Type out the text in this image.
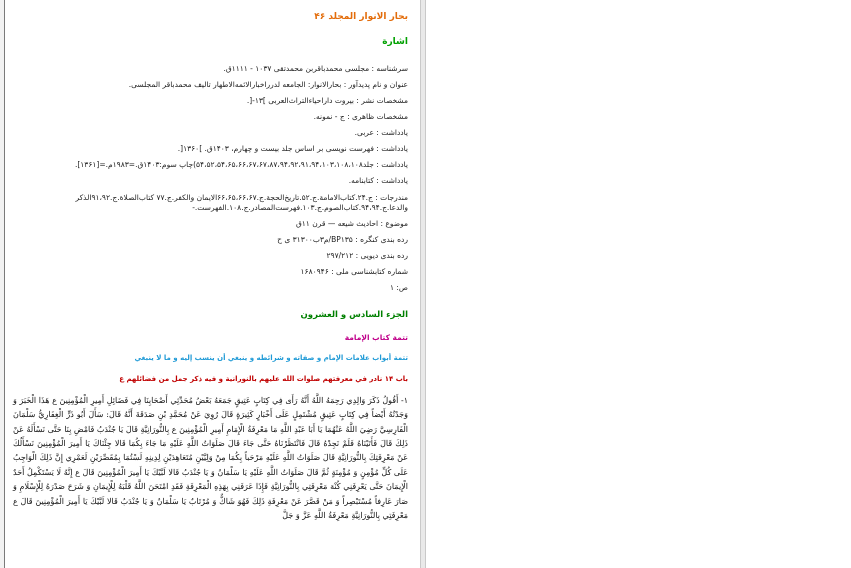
بحار الانوار المجلد ۴۶

اشارة

سرشناسه : مجلسی محمدباقربن محمدتقی ۱۰۳۷ - ۱۱۱۱ق.

عنوان و نام پدیدآور : بحارالانوار: الجامعه لدرراخبارالائمه‌الاطهار تالیف محمدباقر المجلسی.

مشخصات نشر : بیروت داراحیاءالتراث‌العربی ]۱۳-[.

مشخصات ظاهری : ج - نمونه.

یادداشت : عربی.

یادداشت : فهرست نویسی بر اساس جلد بیست و چهارم، ۱۴۰۳ق. ]۱۳۶۰[.

یادداشت : جلد۵۴،۵۲،۵۴،۶۵،۶۶،۶۷،۶۷،۸۷،۹۴،۹۲،۹۱،۹۴،۱۰۳،۱۰۸،۱۰۸)چاپ سوم:۱۴۰۳ق.=۱۹۸۳م.=[۱۳۶۱].

یادداشت : کتابنامه.

مندرجات : ج.۲۴.کتاب‌الامامة.ج.۵۲.تاریخ‌الحجة.ج.۶۶،۶۵،۶۶،۶۷الایمان والکفر.ج.۷۷ کتاب‌الصلاة.ج.۹۱،۹۲الذکر والدعا.ج.۹۴،۹۴.کتاب‌الصوم.ج.۱۰۳.فهرست‌المصادر.ج.۱۰۸.الفهرست.-

موضوع : احادیث شیعه — قرن ۱۱ق

رده بندی کنگره : BP۱۳۵/م۳ب۳۱۳۰۰ ی ح

رده بندی دیویی : ۲۹۷/۲۱۲

شماره کتابشناسی ملی : ۱۶۸۰۹۴۶

ص: ۱

الجزء السادس و العشرون

تتمة كتاب الإمامة

تتمة أبواب علامات الإمام و صفاته و شرائطه و ينبغي أن ينسب إليه و ما لا ينبغي

باب ۱۴ نادر في معرفتهم صلوات الله عليهم بالنورانية و فيه ذكر جمل من فضائلهم ع

۱- أَقُولُ ذَكَرَ وَالِدِي رَحِمَهُ اللَّهُ أَنَّهُ رَأَى فِي كِتَابٍ عَتِيقٍ جَمَعَهُ بَعْضُ مُحَدِّثِي أَصْحَابِنَا فِي فَضَائِلِ أَمِيرِ الْمُؤْمِنِينَ ع هَذَا الْخَبَرَ وَ وَجَدْتُهُ أَيْضاً فِي كِتَابٍ عَتِيقٍ مُشْتَمِلٍ عَلَى أَخْبَارٍ كَثِيرَةٍ قَالَ رُوِيَ عَنْ مُحَمَّدِ بْنِ صَدَقَةَ أَنَّهُ قَالَ: سَأَلَ أَبُو ذَرٍّ الْغِفَارِيُّ سَلْمَانَ الْفَارِسِيَّ رَضِيَ اللَّهُ عَنْهُمَا يَا أَبَا عَبْدِ اللَّهِ مَا مَعْرِفَةُ الْإِمَامِ أَمِيرِ الْمُؤْمِنِينَ ع بِالنُّورَانِيَّةِ قَالَ يَا جُنْدَبُ فَامْضِ بِنَا حَتَّى نَسْأَلَهُ عَنْ ذَلِكَ قَالَ فَأَتَيْنَاهُ فَلَمْ نَجِدْهُ قَالَ فَانْتَظَرْنَاهُ حَتَّى جَاءَ قَالَ صَلَوَاتُ اللَّهِ عَلَيْهِ مَا جَاءَ بِكُمَا قَالا جِئْنَاكَ يَا أَمِيرَ الْمُؤْمِنِينَ نَسْأَلُكَ عَنْ مَعْرِفَتِكَ بِالنُّورَانِيَّةِ قَالَ صَلَوَاتُ اللَّهِ عَلَيْهِ مَرْحَباً بِكُمَا مِنْ وَلِيَّيْنِ مُتَعَاهِدَيْنِ لِدِينِهِ لَسْتُمَا بِمُقَصِّرَيْنِ لَعَمْرِي إِنَّ ذَلِكَ الْوَاجِبُ عَلَى كُلِّ مُؤْمِنٍ وَ مُؤْمِنَةٍ ثُمَّ قَالَ صَلَوَاتُ اللَّهِ عَلَيْهِ يَا سَلْمَانُ وَ يَا جُنْدَبُ قَالا لَبَّيْكَ يَا أَمِيرَ الْمُؤْمِنِينَ قَالَ ع إِنَّهُ لَا يَسْتَكْمِلُ أَحَدٌ الْإِيمَانَ حَتَّى يَعْرِفَنِي كُنْهَ مَعْرِفَتِي بِالنُّورَانِيَّةِ فَإِذَا عَرَفَنِي بِهَذِهِ الْمَعْرِفَةِ فَقَدِ امْتَحَنَ اللَّهُ قَلْبَهُ لِلْإِيمَانِ وَ شَرَحَ صَدْرَهُ لِلْإِسْلَامِ وَ صَارَ عَارِفاً مُسْتَبْصِراً وَ مَنْ قَصَّرَ عَنْ مَعْرِفَةِ ذَلِكَ فَهُوَ شَاكٌّ وَ مُرْتَابٌ يَا سَلْمَانُ وَ يَا جُنْدَبُ قَالا لَبَّيْكَ يَا أَمِيرَ الْمُؤْمِنِينَ قَالَ ع مَعْرِفَتِي بِالنُّورَانِيَّةِ مَعْرِفَةُ اللَّهِ عَزَّ وَ جَلَّ
